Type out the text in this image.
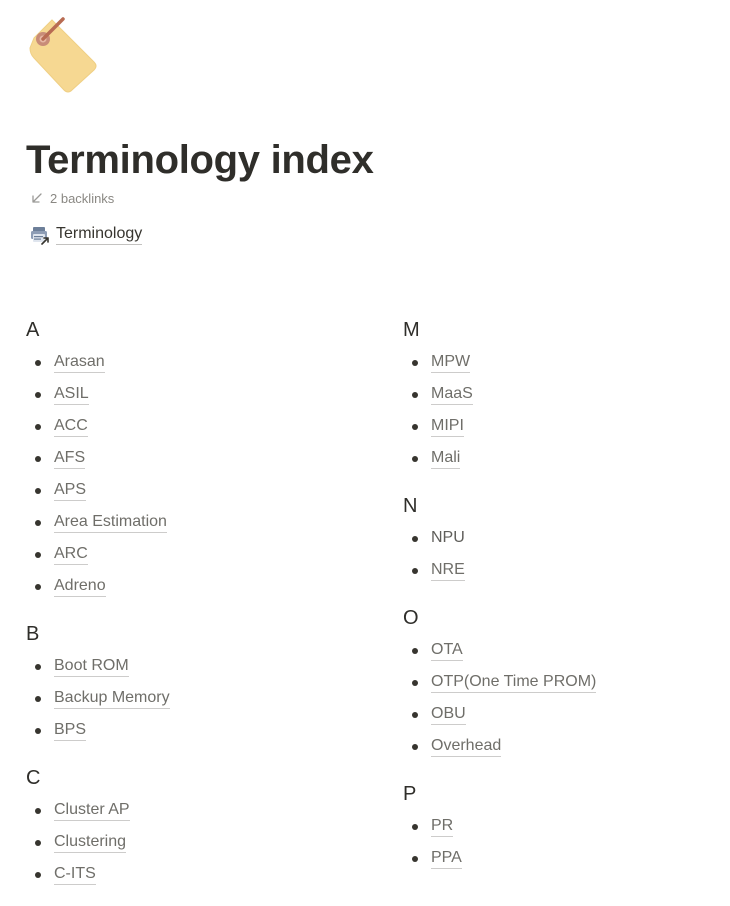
Terminology index
2 backlinks
Terminology
A
Arasan
ASIL
ACC
AFS
APS
Area Estimation
ARC
Adreno
B
Boot ROM
Backup Memory
BPS
C
Cluster AP
Clustering
C-ITS
M
MPW
MaaS
MIPI
Mali
N
NPU
NRE
O
OTA
OTP(One Time PROM)
OBU
Overhead
P
PR
PPA
